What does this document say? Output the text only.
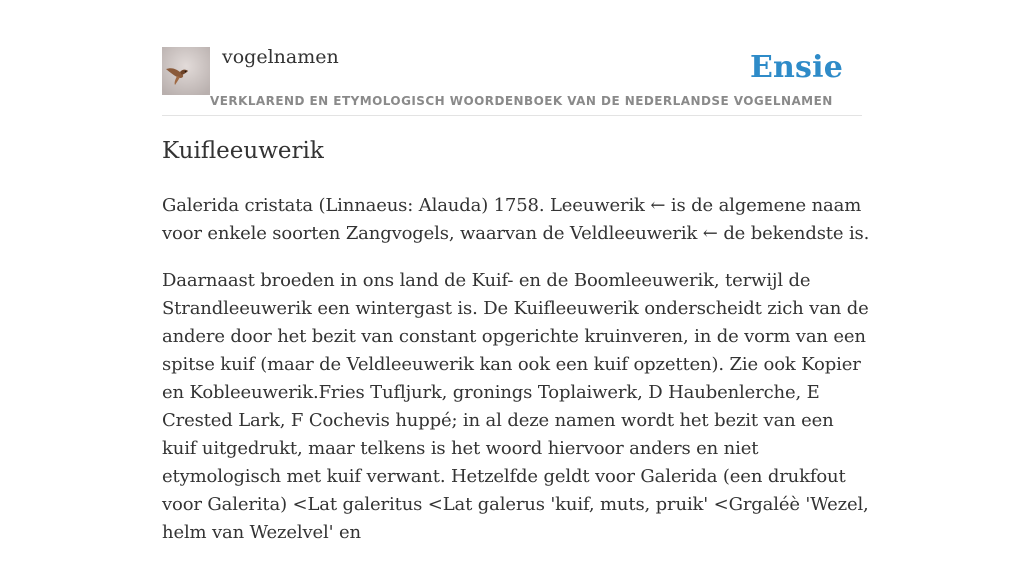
vogelnamen	Ensie
VERKLAREND EN ETYMOLOGISCH WOORDENBOEK VAN DE NEDERLANDSE VOGELNAMEN
Kuifleeuwerik

Galerida cristata (Linnaeus: Alauda) 1758. Leeuwerik ← is de algemene naam voor enkele soorten Zangvogels, waarvan de Veldleeuwerik ← de bekendste is.

Daarnaast broeden in ons land de Kuif- en de Boomleeuwerik, terwijl de Strandleeuwerik een wintergast is. De Kuifleeuwerik onderscheidt zich van de andere door het bezit van constant opgerichte kruinveren, in de vorm van een spitse kuif (maar de Veldleeuwerik kan ook een kuif opzetten). Zie ook Kopier en Kobleeuwerik.Fries Tufljurk, gronings Toplaiwerk, D Haubenlerche, E Crested Lark, F Cochevis huppé; in al deze namen wordt het bezit van een kuif uitgedrukt, maar telkens is het woord hiervoor anders en niet etymologisch met kuif verwant. Hetzelfde geldt voor Galerida (een drukfout voor Galerita) <Lat galeritus <Lat galerus 'kuif, muts, pruik' <Grgaléè 'Wezel, helm van Wezelvel' en
